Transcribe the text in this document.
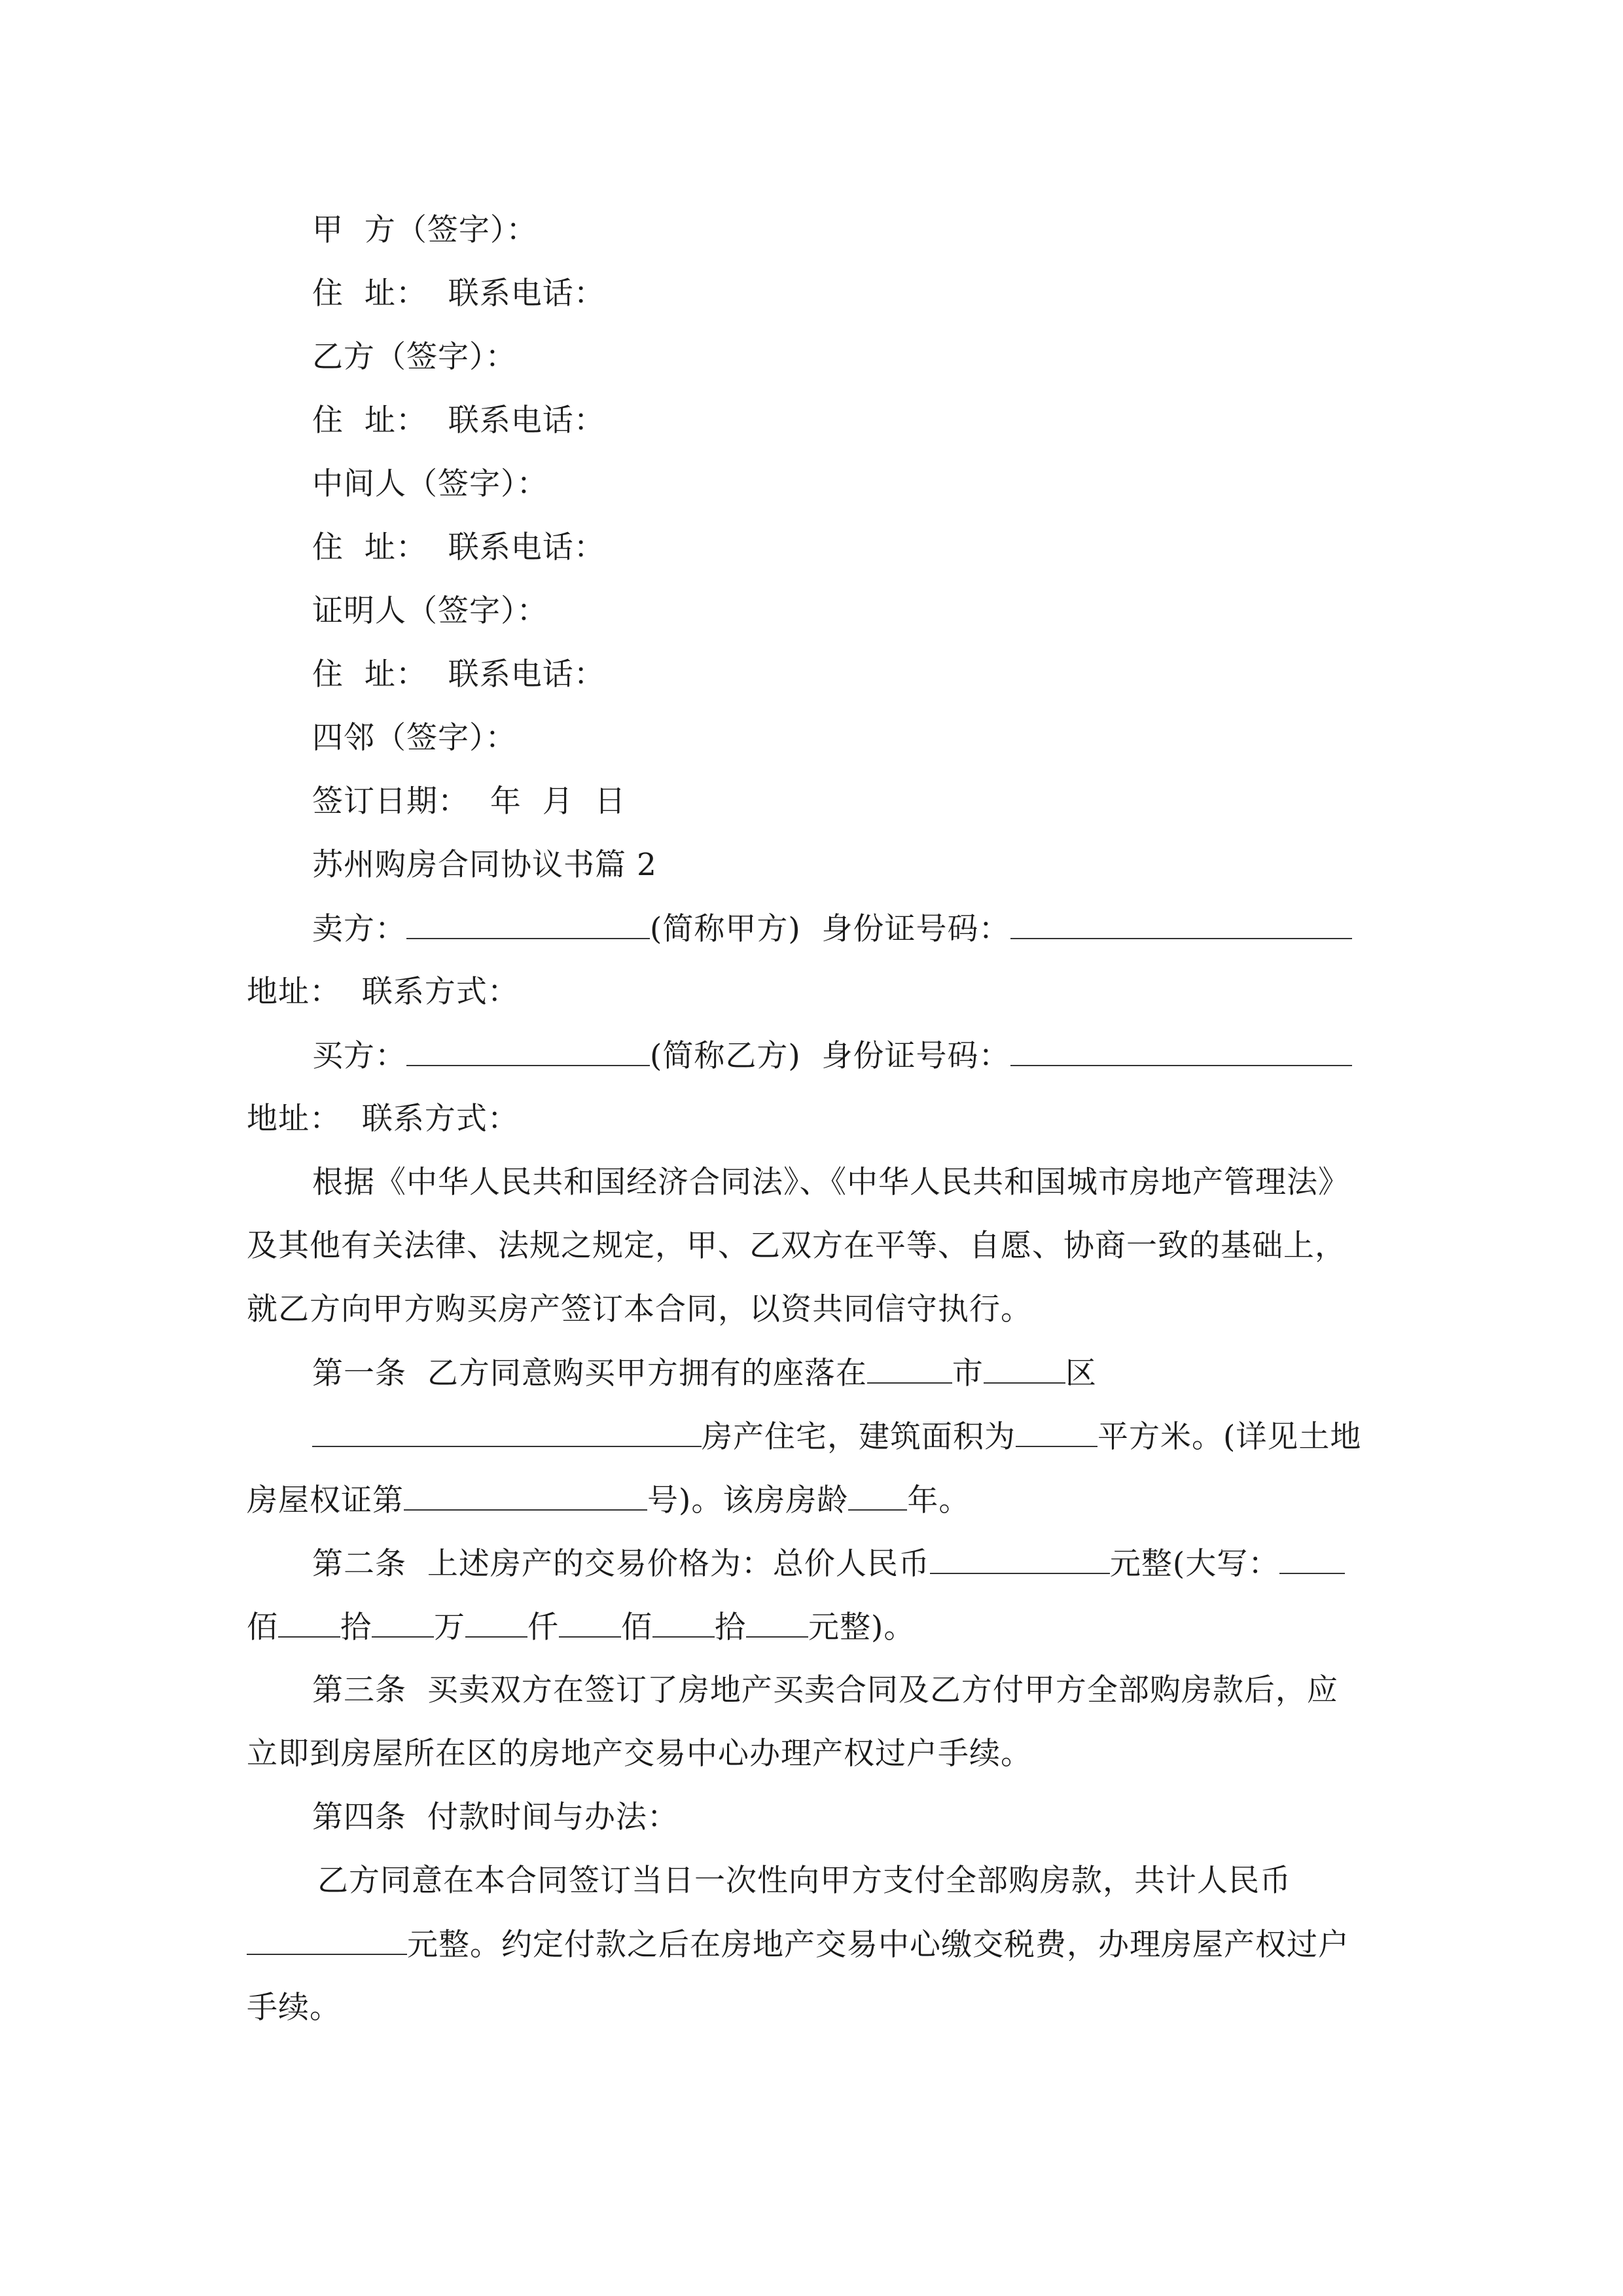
甲  方（签字）：
住  址：  联系电话：
乙方（签字）：
住  址：  联系电话：
中间人（签字）：
住  址：  联系电话：
证明人（签字）：
住  址：  联系电话：
四邻（签字）：
签订日期：  年  月  日
苏州购房合同协议书篇 2
卖方：	(简称甲方)  身份证号码：
地址：  联系方式：
买方：	(简称乙方)  身份证号码：
地址：  联系方式：
根据《中华人民共和国经济合同法》、《中华人民共和国城市房地产管理法》
及其他有关法律、法规之规定，甲、乙双方在平等、自愿、协商一致的基础上，
就乙方向甲方购买房产签订本合同，以资共同信守执行。
第一条  乙方同意购买甲方拥有的座落在	市	区
房产住宅，建筑面积为	平方米。(详见土地
房屋权证第	号)。该房房龄 年。
第二条  上述房产的交易价格为：总价人民币	元整(大写：
佰 拾 万 仟 佰 拾 元整)。
第三条  买卖双方在签订了房地产买卖合同及乙方付甲方全部购房款后，应
立即到房屋所在区的房地产交易中心办理产权过户手续。
第四条  付款时间与办法：
乙方同意在本合同签订当日一次性向甲方支付全部购房款，共计人民币
元整。约定付款之后在房地产交易中心缴交税费，办理房屋产权过户
手续。
